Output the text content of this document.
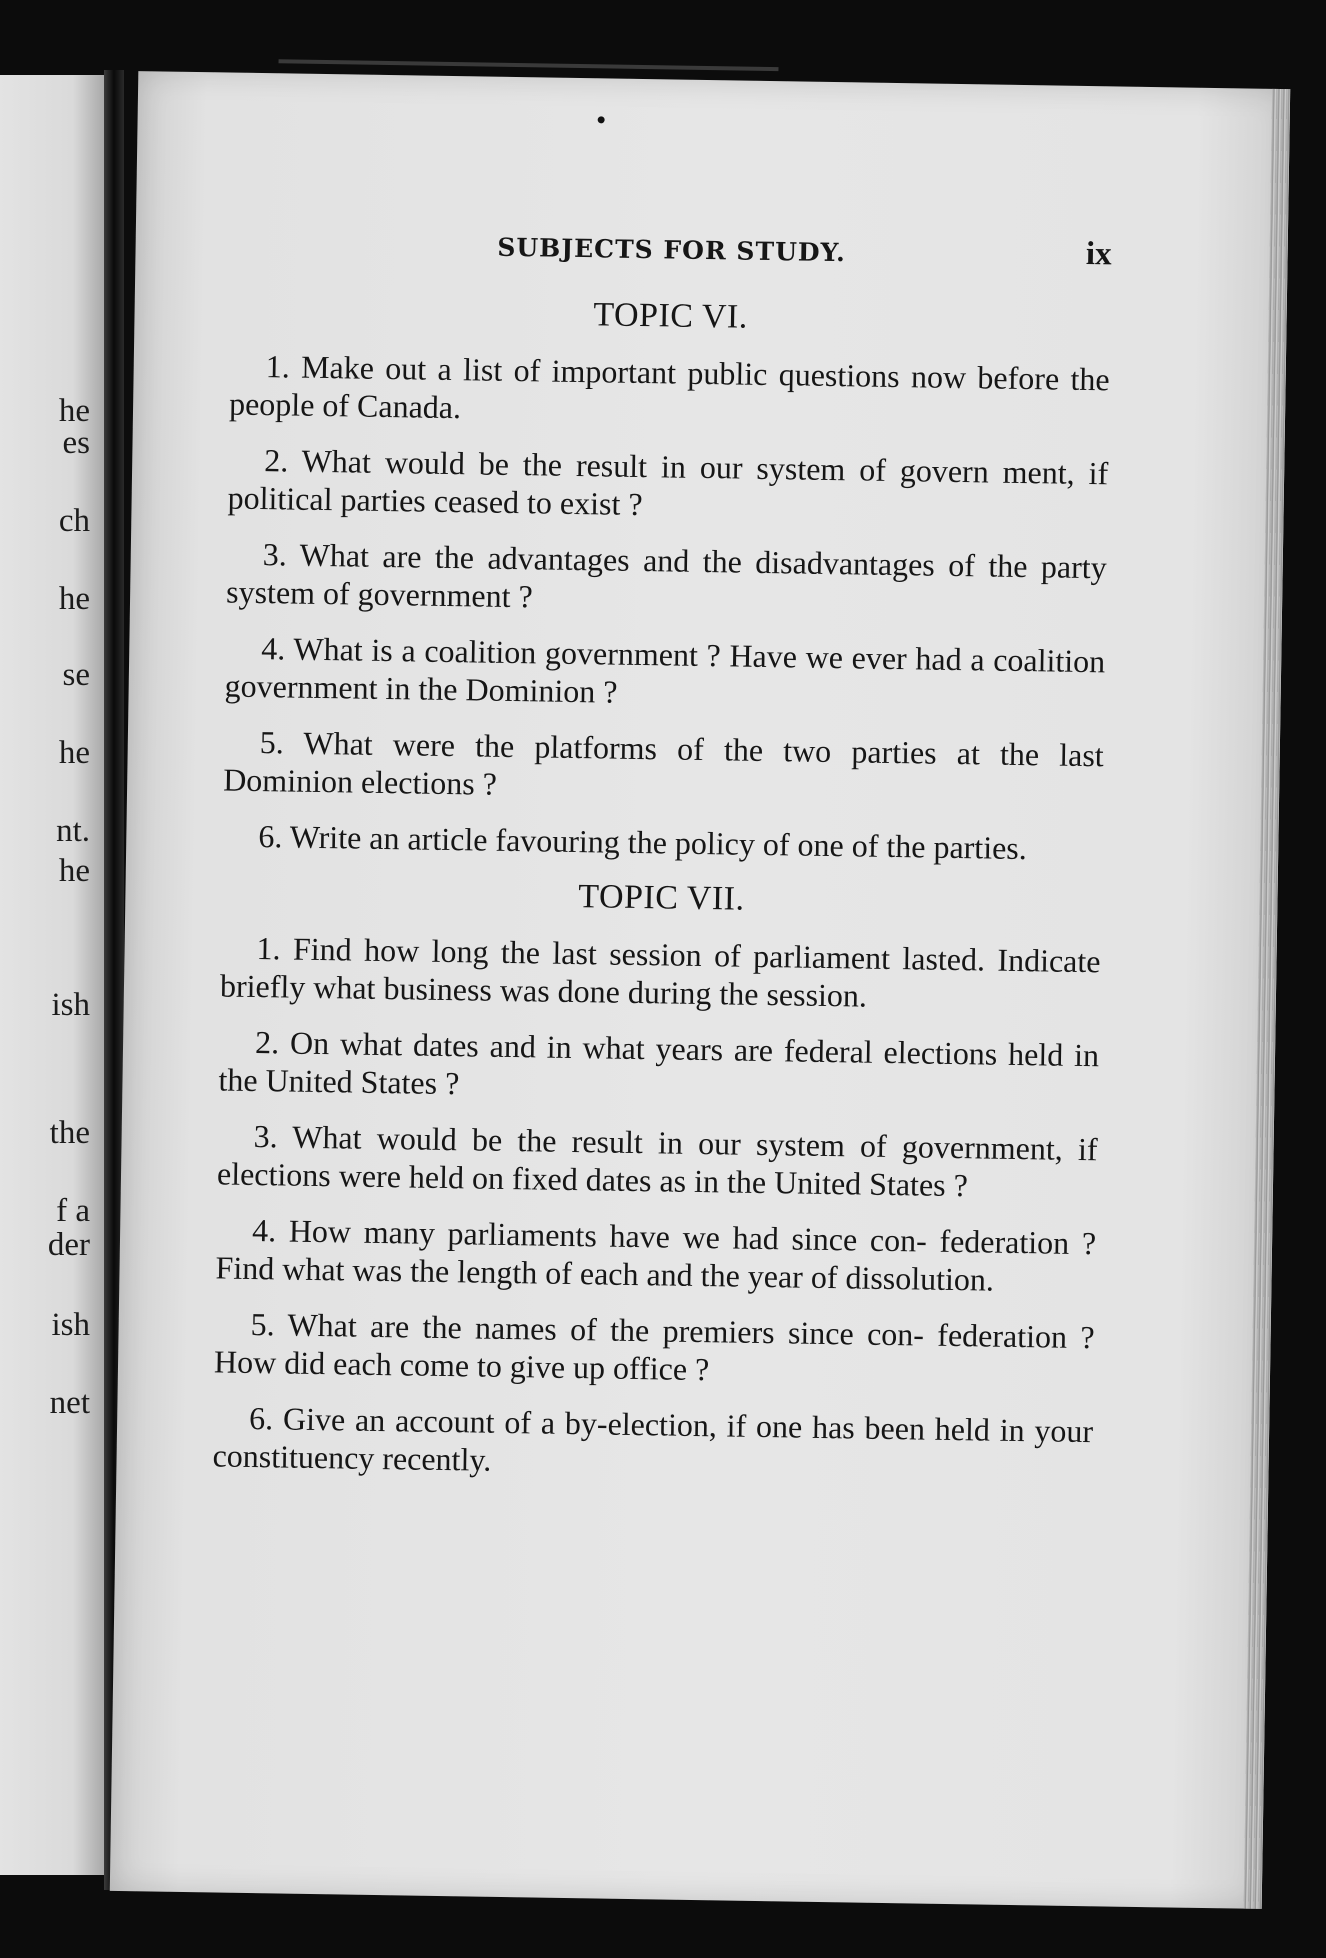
he
es
ch
he
se
he
nt.
he
ish
the
f a
der
ish
net
SUBJECTS FOR STUDY.	ix
TOPIC VI.

1. Make out a list of important public questions now before the people of Canada.

2. What would be the result in our system of govern ment, if political parties ceased to exist ?

3. What are the advantages and the disadvantages of the party system of government ?

4. What is a coalition government ? Have we ever had a coalition government in the Dominion ?

5. What were the platforms of the two parties at the last Dominion elections ?

6. Write an article favouring the policy of one of the parties.

TOPIC VII.

1. Find how long the last session of parliament lasted. Indicate briefly what business was done during the session.

2. On what dates and in what years are federal elections held in the United States ?

3. What would be the result in our system of government, if elections were held on fixed dates as in the United States ?

4. How many parliaments have we had since con- federation ? Find what was the length of each and the year of dissolution.

5. What are the names of the premiers since con- federation ? How did each come to give up office ?

6. Give an account of a by-election, if one has been held in your constituency recently.
